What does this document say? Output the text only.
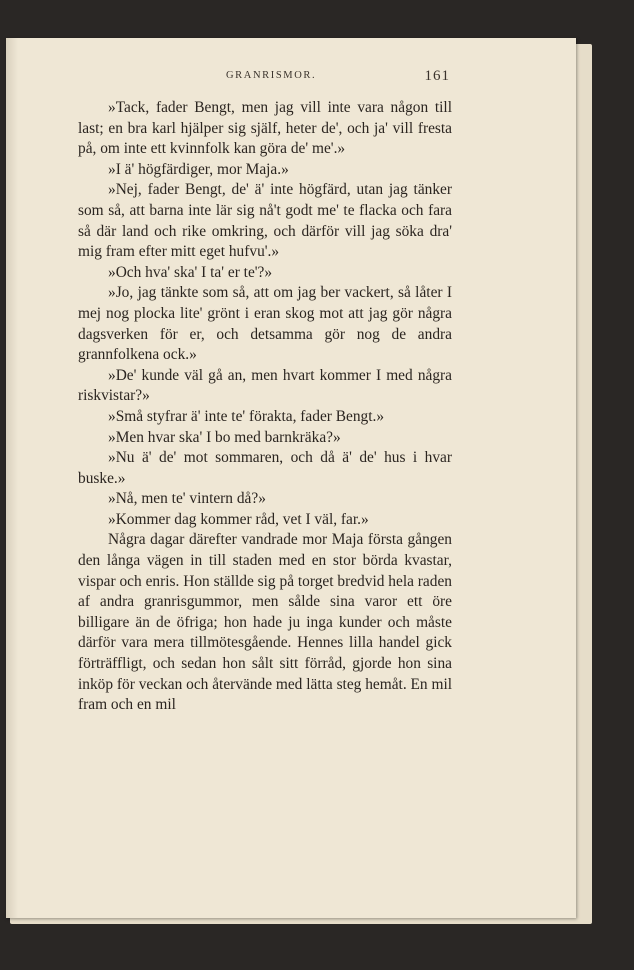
GRANRISMOR.	161

»Tack, fader Bengt, men jag vill inte vara någon till last; en bra karl hjälper sig själf, heter de', och ja' vill fresta på, om inte ett kvinnfolk kan göra de' me'.»

»I ä' högfärdiger, mor Maja.»

»Nej, fader Bengt, de' ä' inte högfärd, utan jag tänker som så, att barna inte lär sig nå't godt me' te flacka och fara så där land och rike omkring, och därför vill jag söka dra' mig fram efter mitt eget hufvu'.»

»Och hva' ska' I ta' er te'?»

»Jo, jag tänkte som så, att om jag ber vackert, så låter I mej nog plocka lite' grönt i eran skog mot att jag gör några dagsverken för er, och detsamma gör nog de andra grannfolkena ock.»

»De' kunde väl gå an, men hvart kommer I med några riskvistar?»

»Små styfrar ä' inte te' förakta, fader Bengt.»

»Men hvar ska' I bo med barnkräka?»

»Nu ä' de' mot sommaren, och då ä' de' hus i hvar buske.»

»Nå, men te' vintern då?»

»Kommer dag kommer råd, vet I väl, far.»

Några dagar därefter vandrade mor Maja första gången den långa vägen in till staden med en stor börda kvastar, vispar och enris. Hon ställde sig på torget bredvid hela raden af andra granrisgummor, men sålde sina varor ett öre billigare än de öfriga; hon hade ju inga kunder och måste därför vara mera tillmötesgående. Hennes lilla handel gick förträffligt, och sedan hon sålt sitt förråd, gjorde hon sina inköp för veckan och återvände med lätta steg hemåt. En mil fram och en mil
